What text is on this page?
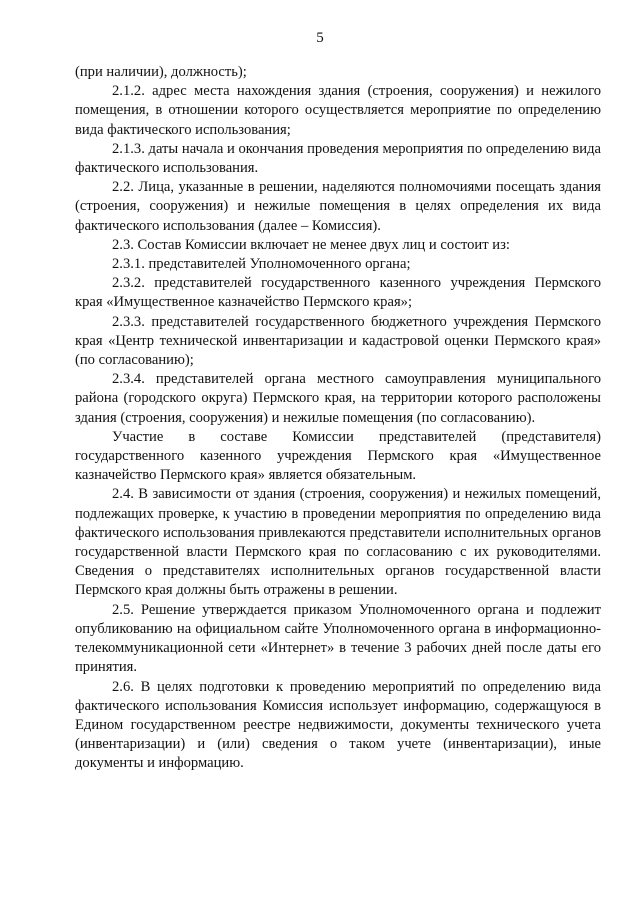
5

(при наличии), должность);

2.1.2. адрес места нахождения здания (строения, сооружения) и нежилого помещения, в отношении которого осуществляется мероприятие по определению вида фактического использования;

2.1.3. даты начала и окончания проведения мероприятия по определению вида фактического использования.

2.2. Лица, указанные в решении, наделяются полномочиями посещать здания (строения, сооружения) и нежилые помещения в целях определения их вида фактического использования (далее – Комиссия).

2.3. Состав Комиссии включает не менее двух лиц и состоит из:

2.3.1. представителей Уполномоченного органа;

2.3.2. представителей государственного казенного учреждения Пермского края «Имущественное казначейство Пермского края»;

2.3.3. представителей государственного бюджетного учреждения Пермского края «Центр технической инвентаризации и кадастровой оценки Пермского края» (по согласованию);

2.3.4. представителей органа местного самоуправления муниципального района (городского округа) Пермского края, на территории которого расположены здания (строения, сооружения) и нежилые помещения (по согласованию).

Участие в составе Комиссии представителей (представителя) государственного казенного учреждения Пермского края «Имущественное казначейство Пермского края» является обязательным.

2.4. В зависимости от здания (строения, сооружения) и нежилых помещений, подлежащих проверке, к участию в проведении мероприятия по определению вида фактического использования привлекаются представители исполнительных органов государственной власти Пермского края по согласованию с их руководителями. Сведения о представителях исполнительных органов государственной власти Пермского края должны быть отражены в решении.

2.5. Решение утверждается приказом Уполномоченного органа и подлежит опубликованию на официальном сайте Уполномоченного органа в информационно-телекоммуникационной сети «Интернет» в течение 3 рабочих дней после даты его принятия.

2.6. В целях подготовки к проведению мероприятий по определению вида фактического использования Комиссия использует информацию, содержащуюся в Едином государственном реестре недвижимости, документы технического учета (инвентаризации) и (или) сведения о таком учете (инвентаризации), иные документы и информацию.
